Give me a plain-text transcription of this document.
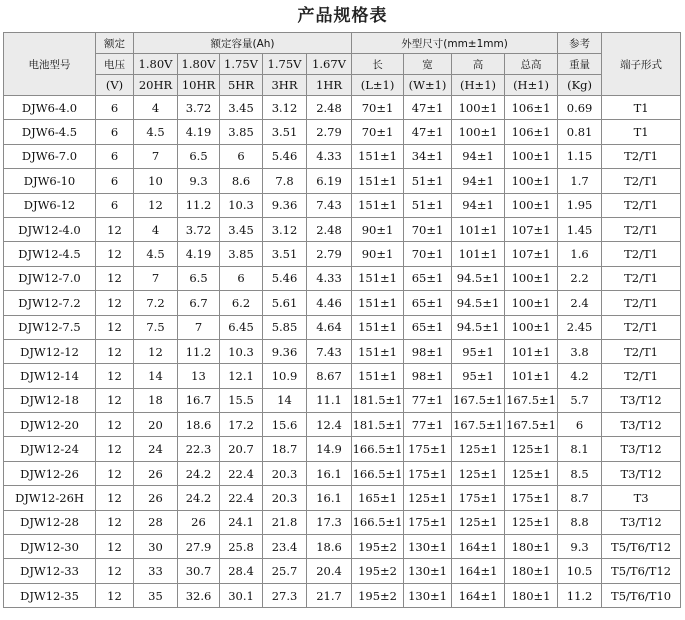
产品规格表
电池型号	额定	额定容量(Ah)					外型尺寸(mm±1mm)				参考	端子形式
	电压	1.80V	1.80V	1.75V	1.75V	1.67V	长	宽	高	总高	重量	
	(V)	20HR	10HR	5HR	3HR	1HR	(L±1)	(W±1)	(H±1)	(H±1)	(Kg)	
DJW6-4.0	6	4	3.72	3.45	3.12	2.48	70±1	47±1	100±1	106±1	0.69	T1
DJW6-4.5	6	4.5	4.19	3.85	3.51	2.79	70±1	47±1	100±1	106±1	0.81	T1
DJW6-7.0	6	7	6.5	6	5.46	4.33	151±1	34±1	94±1	100±1	1.15	T2/T1
DJW6-10	6	10	9.3	8.6	7.8	6.19	151±1	51±1	94±1	100±1	1.7	T2/T1
DJW6-12	6	12	11.2	10.3	9.36	7.43	151±1	51±1	94±1	100±1	1.95	T2/T1
DJW12-4.0	12	4	3.72	3.45	3.12	2.48	90±1	70±1	101±1	107±1	1.45	T2/T1
DJW12-4.5	12	4.5	4.19	3.85	3.51	2.79	90±1	70±1	101±1	107±1	1.6	T2/T1
DJW12-7.0	12	7	6.5	6	5.46	4.33	151±1	65±1	94.5±1	100±1	2.2	T2/T1
DJW12-7.2	12	7.2	6.7	6.2	5.61	4.46	151±1	65±1	94.5±1	100±1	2.4	T2/T1
DJW12-7.5	12	7.5	7	6.45	5.85	4.64	151±1	65±1	94.5±1	100±1	2.45	T2/T1
DJW12-12	12	12	11.2	10.3	9.36	7.43	151±1	98±1	95±1	101±1	3.8	T2/T1
DJW12-14	12	14	13	12.1	10.9	8.67	151±1	98±1	95±1	101±1	4.2	T2/T1
DJW12-18	12	18	16.7	15.5	14	11.1	181.5±1	77±1	167.5±1	167.5±1	5.7	T3/T12
DJW12-20	12	20	18.6	17.2	15.6	12.4	181.5±1	77±1	167.5±1	167.5±1	6	T3/T12
DJW12-24	12	24	22.3	20.7	18.7	14.9	166.5±1	175±1	125±1	125±1	8.1	T3/T12
DJW12-26	12	26	24.2	22.4	20.3	16.1	166.5±1	175±1	125±1	125±1	8.5	T3/T12
DJW12-26H	12	26	24.2	22.4	20.3	16.1	165±1	125±1	175±1	175±1	8.7	T3
DJW12-28	12	28	26	24.1	21.8	17.3	166.5±1	175±1	125±1	125±1	8.8	T3/T12
DJW12-30	12	30	27.9	25.8	23.4	18.6	195±2	130±1	164±1	180±1	9.3	T5/T6/T12
DJW12-33	12	33	30.7	28.4	25.7	20.4	195±2	130±1	164±1	180±1	10.5	T5/T6/T12
DJW12-35	12	35	32.6	30.1	27.3	21.7	195±2	130±1	164±1	180±1	11.2	T5/T6/T10
